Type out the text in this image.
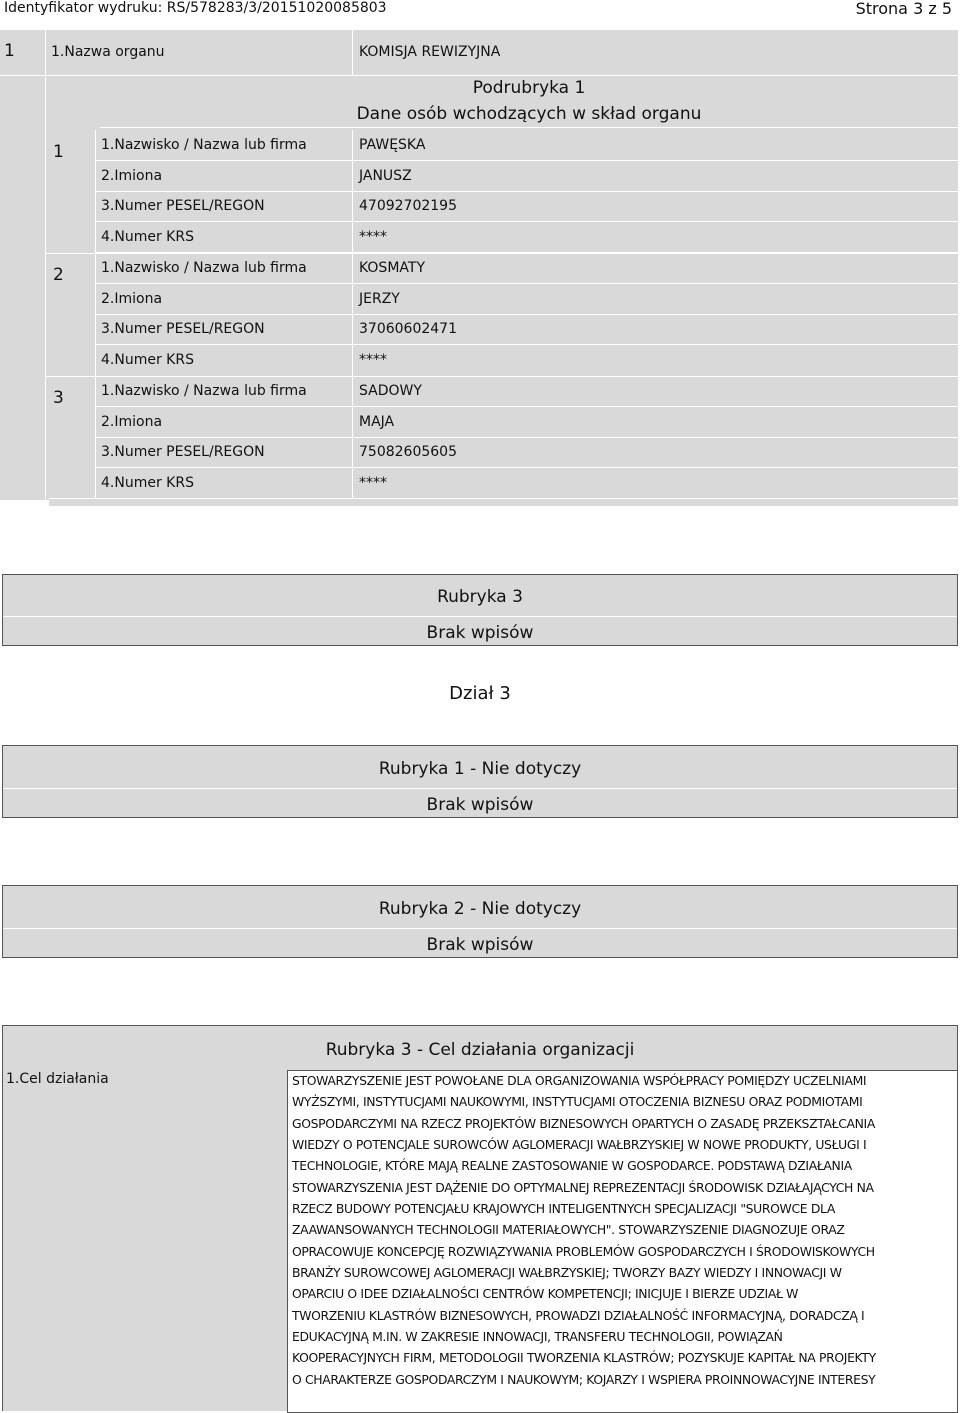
Identyfikator wydruku: RS/578283/3/20151020085803	Strona 3 z 5
1	1.Nazwa organu	KOMISJA REWIZYJNA
Podrubryka 1
Dane osób wchodzących w skład organu
1	1.Nazwisko / Nazwa lub firma	PAWĘSKA
2.Imiona	JANUSZ
3.Numer PESEL/REGON	47092702195
4.Numer KRS	****
2	1.Nazwisko / Nazwa lub firma	KOSMATY
2.Imiona	JERZY
3.Numer PESEL/REGON	37060602471
4.Numer KRS	****
3	1.Nazwisko / Nazwa lub firma	SADOWY
2.Imiona	MAJA
3.Numer PESEL/REGON	75082605605
4.Numer KRS	****
Rubryka 3
Brak wpisów
Dział 3
Rubryka 1 - Nie dotyczy
Brak wpisów
Rubryka 2 - Nie dotyczy
Brak wpisów
Rubryka 3 - Cel działania organizacji
1.Cel działania	STOWARZYSZENIE JEST POWOŁANE DLA ORGANIZOWANIA WSPÓŁPRACY POMIĘDZY UCZELNIAMI
WYŻSZYMI, INSTYTUCJAMI NAUKOWYMI, INSTYTUCJAMI OTOCZENIA BIZNESU ORAZ PODMIOTAMI
GOSPODARCZYMI NA RZECZ PROJEKTÓW BIZNESOWYCH OPARTYCH O ZASADĘ PRZEKSZTAŁCANIA
WIEDZY O POTENCJALE SUROWCÓW AGLOMERACJI WAŁBRZYSKIEJ W NOWE PRODUKTY, USŁUGI I
TECHNOLOGIE, KTÓRE MAJĄ REALNE ZASTOSOWANIE W GOSPODARCE. PODSTAWĄ DZIAŁANIA
STOWARZYSZENIA JEST DĄŻENIE DO OPTYMALNEJ REPREZENTACJI ŚRODOWISK DZIAŁAJĄCYCH NA
RZECZ BUDOWY POTENCJAŁU KRAJOWYCH INTELIGENTNYCH SPECJALIZACJI "SUROWCE DLA
ZAAWANSOWANYCH TECHNOLOGII MATERIAŁOWYCH". STOWARZYSZENIE DIAGNOZUJE ORAZ
OPRACOWUJE KONCEPCJĘ ROZWIĄZYWANIA PROBLEMÓW GOSPODARCZYCH I ŚRODOWISKOWYCH
BRANŻY SUROWCOWEJ AGLOMERACJI WAŁBRZYSKIEJ; TWORZY BAZY WIEDZY I INNOWACJI W
OPARCIU O IDEE DZIAŁALNOŚCI CENTRÓW KOMPETENCJI; INICJUJE I BIERZE UDZIAŁ W
TWORZENIU KLASTRÓW BIZNESOWYCH, PROWADZI DZIAŁALNOŚĆ INFORMACYJNĄ, DORADCZĄ I
EDUKACYJNĄ M.IN. W ZAKRESIE INNOWACJI, TRANSFERU TECHNOLOGII, POWIĄZAŃ
KOOPERACYJNYCH FIRM, METODOLOGII TWORZENIA KLASTRÓW; POZYSKUJE KAPITAŁ NA PROJEKTY
O CHARAKTERZE GOSPODARCZYM I NAUKOWYM; KOJARZY I WSPIERA PROINNOWACYJNE INTERESY
